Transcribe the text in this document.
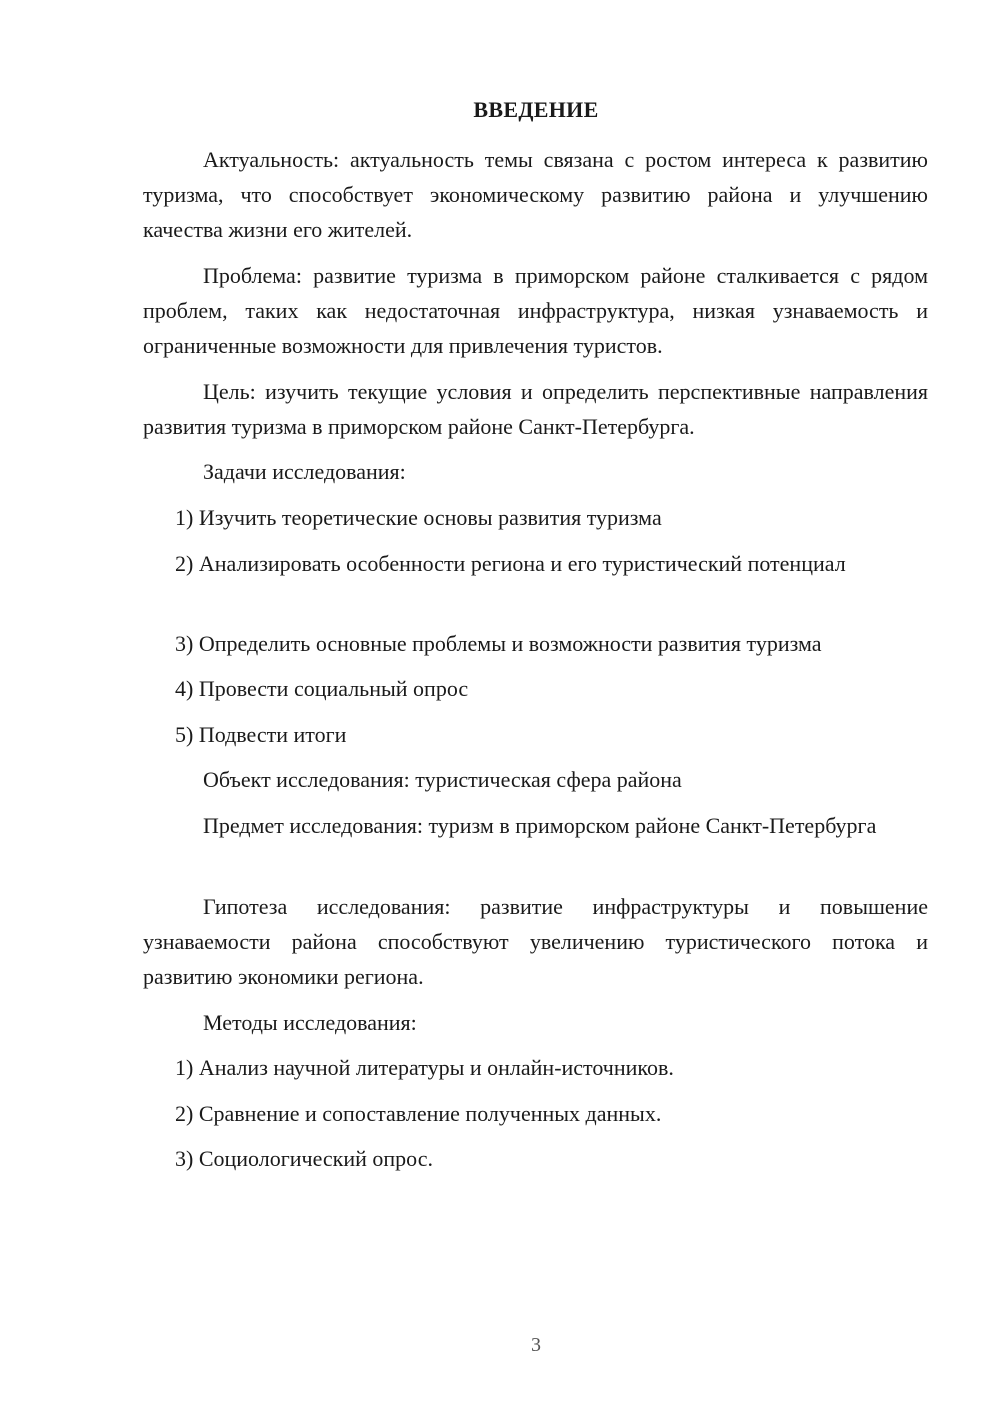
ВВЕДЕНИЕ
Актуальность: актуальность темы связана с ростом интереса к развитию туризма, что способствует экономическому развитию района и улучшению качества жизни его жителей.
Проблема: развитие туризма в приморском районе сталкивается с рядом проблем, таких как недостаточная инфраструктура, низкая узнаваемость и ограниченные возможности для привлечения туристов.
Цель: изучить текущие условия и определить перспективные направления развития туризма в приморском районе Санкт-Петербурга.
Задачи исследования:
1) Изучить теоретические основы развития туризма
2) Анализировать особенности региона и его туристический потенциал
3) Определить основные проблемы и возможности развития туризма
4) Провести социальный опрос
5) Подвести итоги
Объект исследования: туристическая сфера района
Предмет исследования: туризм в приморском районе Санкт-Петербурга
Гипотеза исследования: развитие инфраструктуры и повышение узнаваемости района способствуют увеличению туристического потока и развитию экономики региона.
Методы исследования:
1) Анализ научной литературы и онлайн-источников.
2) Сравнение и сопоставление полученных данных.
3) Социологический опрос.
3
